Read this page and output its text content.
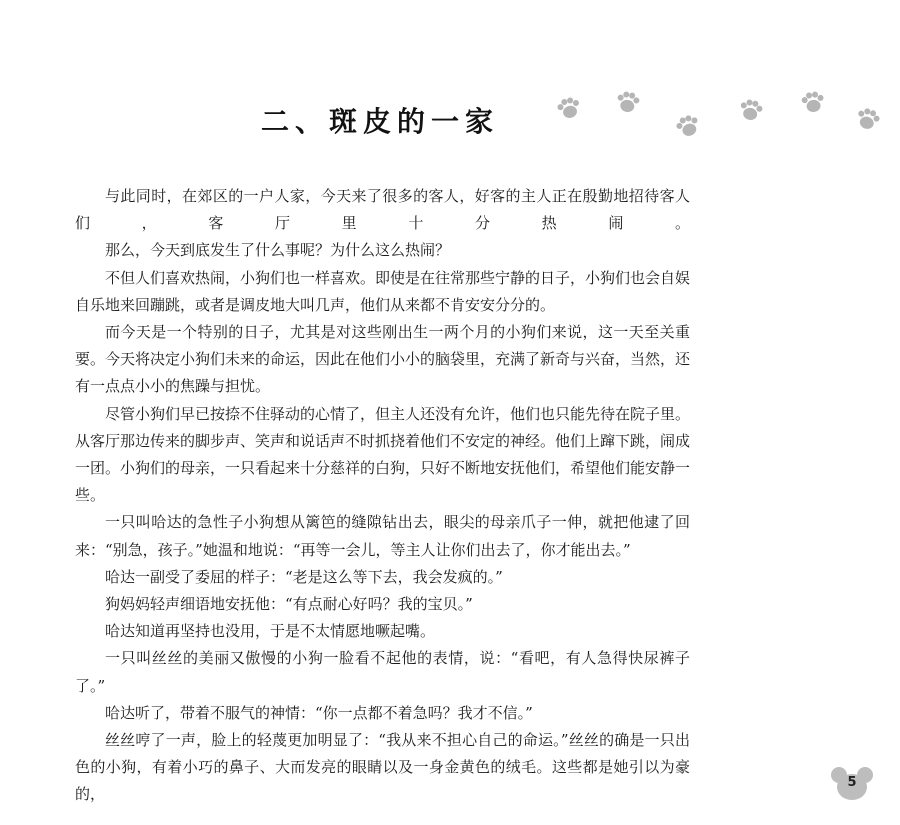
二、斑皮的一家

与此同时，在郊区的一户人家，今天来了很多的客人，好客的主人正在殷勤地招待客人们，客厅里十分热闹。

那么，今天到底发生了什么事呢？为什么这么热闹？

不但人们喜欢热闹，小狗们也一样喜欢。即使是在往常那些宁静的日子，小狗们也会自娱自乐地来回蹦跳，或者是调皮地大叫几声，他们从来都不肯安安分分的。

而今天是一个特别的日子，尤其是对这些刚出生一两个月的小狗们来说，这一天至关重要。今天将决定小狗们未来的命运，因此在他们小小的脑袋里，充满了新奇与兴奋，当然，还有一点点小小的焦躁与担忧。

尽管小狗们早已按捺不住驿动的心情了，但主人还没有允许，他们也只能先待在院子里。从客厅那边传来的脚步声、笑声和说话声不时抓挠着他们不安定的神经。他们上蹿下跳，闹成一团。小狗们的母亲，一只看起来十分慈祥的白狗，只好不断地安抚他们，希望他们能安静一些。

一只叫哈达的急性子小狗想从篱笆的缝隙钻出去，眼尖的母亲爪子一伸，就把他逮了回来：“别急，孩子。”她温和地说：“再等一会儿，等主人让你们出去了，你才能出去。”

哈达一副受了委屈的样子：“老是这么等下去，我会发疯的。”

狗妈妈轻声细语地安抚他：“有点耐心好吗？我的宝贝。”

哈达知道再坚持也没用，于是不太情愿地噘起嘴。

一只叫丝丝的美丽又傲慢的小狗一脸看不起他的表情，说：“看吧，有人急得快尿裤子了。”

哈达听了，带着不服气的神情：“你一点都不着急吗？我才不信。”

丝丝哼了一声，脸上的轻蔑更加明显了：“我从来不担心自己的命运。”丝丝的确是一只出色的小狗，有着小巧的鼻子、大而发亮的眼睛以及一身金黄色的绒毛。这些都是她引以为豪的，

5
